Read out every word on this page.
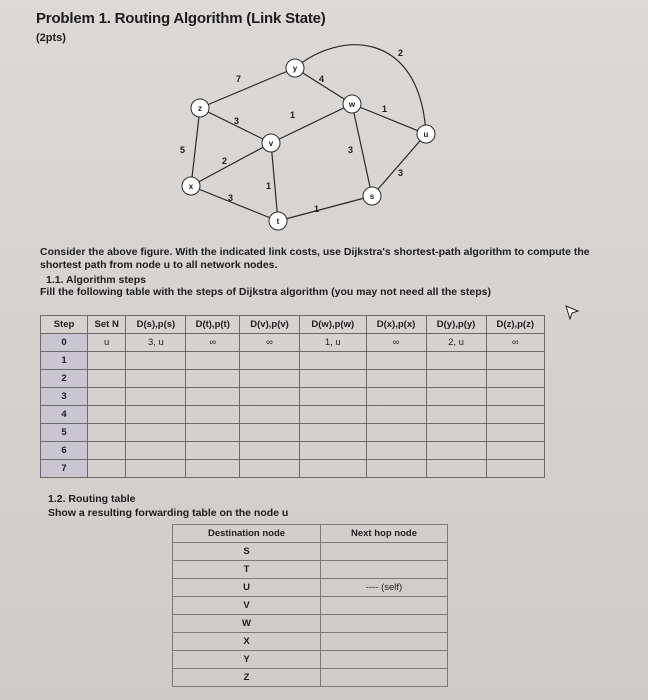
Problem 1. Routing Algorithm (Link State)
(2pts)
7	4
2
3
5
2
1
1
3
3
3
1
1
y
z	w
v
u
x
s
t
Consider the above figure. With the indicated link costs, use Dijkstra's shortest-path algorithm to compute the shortest path from node u to all network nodes.
1.1. Algorithm steps
Fill the following table with the steps of Dijkstra algorithm (you may not need all the steps)
Step	Set N	D(s),p(s)	D(t),p(t)	D(v),p(v)	D(w),p(w)	D(x),p(x)	D(y),p(y)	D(z),p(z)
0	u	3, u	∞	∞	1, u	∞	2, u	∞
1								
2								
3								
4								
5								
6								
7								
1.2. Routing table
Show a resulting forwarding table on the node u
Destination node	Next hop node
S	
T	
U	---- (self)
V	
W	
X	
Y	
Z	
